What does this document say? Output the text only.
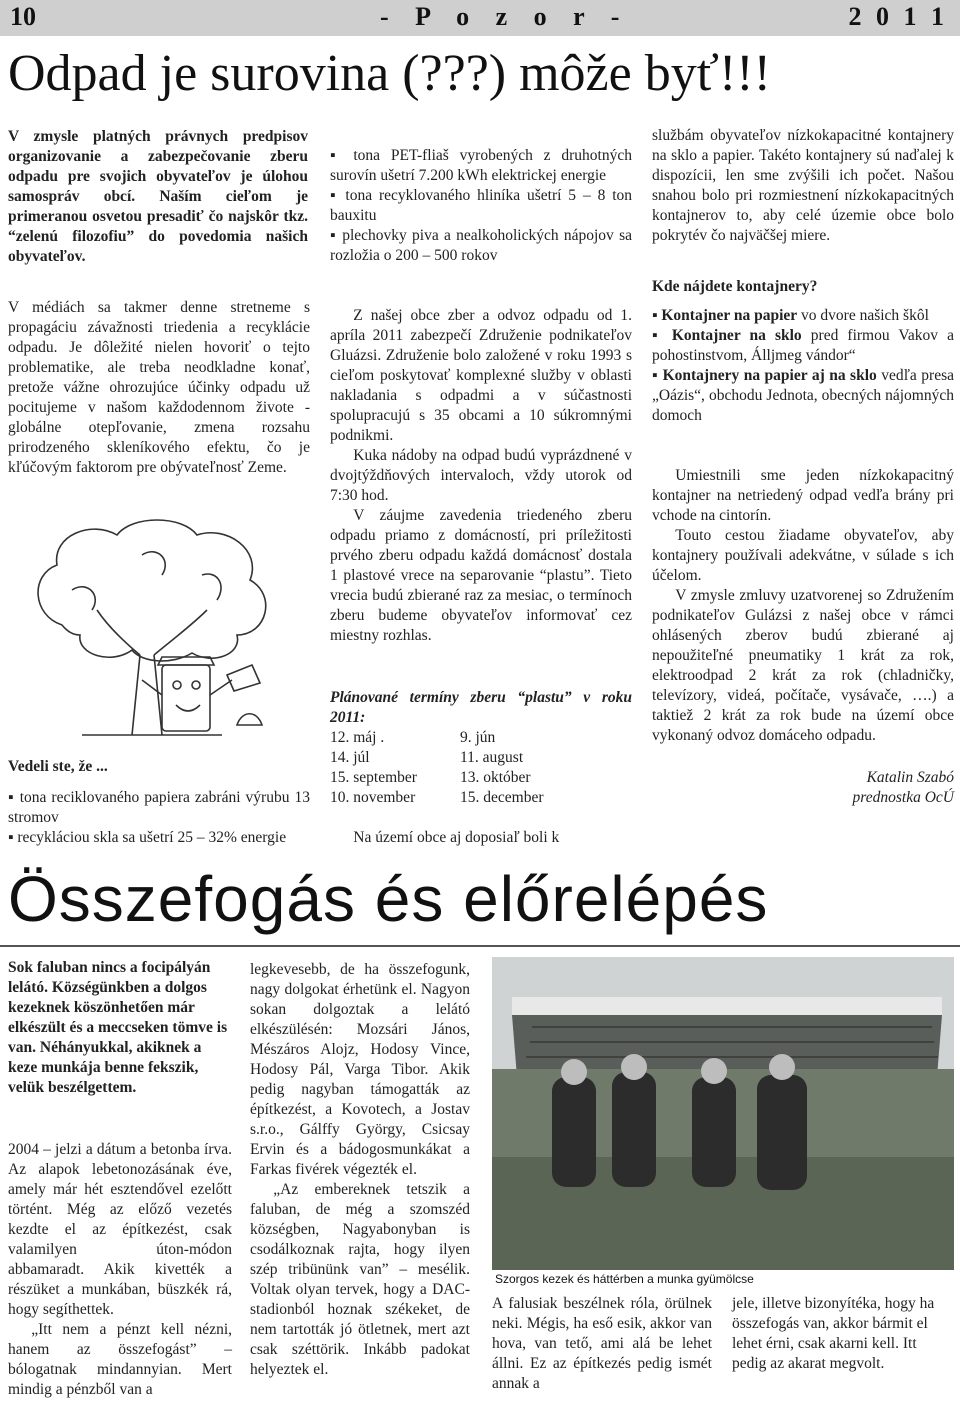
10	- P o z o r -	2 0 1 1
Odpad je surovina (???) môže byť!!!
V zmysle platných právnych predpisov organizovanie a zabezpečovanie zberu odpadu pre svojich obyvateľov je úlohou samospráv obcí. Naším cieľom je primeranou osvetou presadiť čo najskôr tkz. “zelenú filozofiu” do povedomia našich obyvateľov.
V médiách sa takmer denne stretneme s propagáciu závažnosti triedenia a recyklácie odpadu. Je dôležité nielen hovoriť o tejto problematike, ale treba neodkladne konať, pretože vážne ohrozujúce účinky odpadu už pocitujeme v našom každodennom živote - globálne otepľovanie, zmena rozsahu prirodzeného skleníkového efektu, čo je kľúčovým faktorom pre obývateľnosť Zeme.
Vedeli ste, že ...

▪ tona reciklovaného papiera zabráni výrubu 13 stromov

▪ recykláciou skla sa ušetrí 25 – 32% energie

▪ tona PET-fliaš vyrobených z druhotných surovín ušetrí 7.200 kWh elektrickej energie

▪ tona recyklovaného hliníka ušetrí 5 – 8 ton bauxitu

▪ plechovky piva a nealkoholických nápojov sa rozložia o 200 – 500 rokov

Z našej obce zber a odvoz odpadu od 1. apríla 2011 zabezpečí Združenie podnikateľov Gluázsi. Združenie bolo založené v roku 1993 s cieľom poskytovať komplexné služby v oblasti nakladania s odpadmi a v súčastnosti spolupracujú s 35 obcami a 10 súkromnými podnikmi.

Kuka nádoby na odpad budú vyprázdnené v dvojtýždňových intervaloch, vždy utorok od 7:30 hod.

V záujme zavedenia triedeného zberu odpadu priamo z domácností, pri príležitosti prvého zberu odpadu každá domácnosť dostala 1 plastové vrece na separovanie “plastu”. Tieto vrecia budú zbierané raz za mesiac, o termínoch zberu budeme obyvateľov informovať cez miestny rozhlas.

Plánované termíny zberu “plastu” v roku 2011:
12. máj .	9. jún
14. júl	11. august
15. september	13. október
10. november	15. december
Na území obce aj doposiaľ boli k
službám obyvateľov nízkokapacitné kontajnery na sklo a papier. Takéto kontajnery sú naďalej k dispozícii, len sme zvýšili ich počet. Našou snahou bolo pri rozmiestnení nízkokapacitných kontajnerov to, aby celé územie obce bolo pokrytév čo najväčšej miere.
Kde nájdete kontajnery?

▪ Kontajner na papier vo dvore našich škôl

▪ Kontajner na sklo pred firmou Vakov a pohostinstvom, Álljmeg vándor“

▪ Kontajnery na papier aj na sklo vedľa presa „Oázis“, obchodu Jednota, obecných nájomných domoch

Umiestnili sme jeden nízkokapacitný kontajner na netriedený odpad vedľa brány pri vchode na cintorín.

Touto cestou žiadame obyvateľov, aby kontajnery používali adekvátne, v súlade s ich účelom.

V zmysle zmluvy uzatvorenej so Združením podnikateľov Gulázsi z našej obce v rámci ohlásených zberov budú zbierané aj nepoužiteľné pneumatiky 1 krát za rok, elektroodpad 2 krát za rok (chladničky, televízory, videá, počítače, vysávače, ….) a taktiež 2 krát za rok bude na území obce vykonaný odvoz domáceho odpadu.

Katalin Szabó
prednostka OcÚ
Összefogás és előrelépés
Sok faluban nincs a focipályán lelátó. Községünkben a dolgos kezeknek köszönhetően már elkészült és a meccseken tömve is van. Néhányukkal, akiknek a keze munkája benne fekszik, velük beszélgettem.

2004 – jelzi a dátum a betonba írva. Az alapok lebetonozásának éve, amely már hét esztendővel ezelőtt történt. Még az előző vezetés kezdte el az építkezést, csak valamilyen úton-módon abbamaradt. Akik kivették a részüket a munkában, büszkék rá, hogy segíthettek.

„Itt nem a pénzt kell nézni, hanem az összefogást” – bólogatnak mindannyian. Mert mindig a pénzből van a

legkevesebb, de ha összefogunk, nagy dolgokat érhetünk el. Nagyon sokan dolgoztak a lelátó elkészülésén: Mozsári János, Mészáros Alojz, Hodosy Vince, Hodosy Pál, Varga Tibor. Akik pedig nagyban támogatták az építkezést, a Kovotech, a Jostav s.r.o., Gálffy György, Csicsay Ervin és a bádogosmunkákat a Farkas fivérek végezték el.

„Az embereknek tetszik a faluban, de még a szomszéd községben, Nagyabonyban is csodálkoznak rajta, hogy ilyen szép tribününk van” – mesélik. Voltak olyan tervek, hogy a DAC-stadionból hoznak székeket, de nem tartották jó ötletnek, mert azt csak széttörik. Inkább padokat helyeztek el.

Szorgos kezek és háttérben a munka gyümölcse
A falusiak beszélnek róla, örülnek neki. Mégis, ha eső esik, akkor van hova, van tető, ami alá be lehet állni. Ez az építkezés pedig ismét annak a
jele, illetve bizonyítéka, hogy ha összefogás van, akkor bármit el lehet érni, csak akarni kell. Itt pedig az akarat megvolt.
